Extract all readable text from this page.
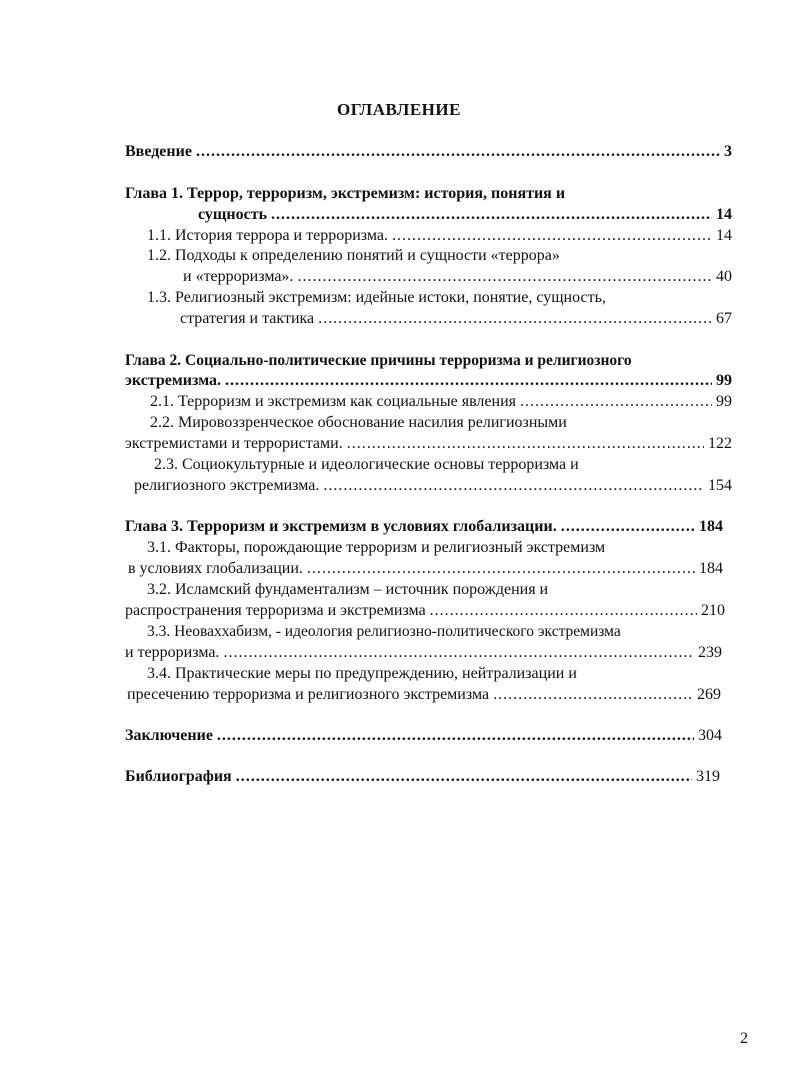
ОГЛАВЛЕНИЕ
Введение .....	3
Глава 1. Террор, терроризм, экстремизм: история, понятия и
сущность .....	14
1.1. История террора и терроризма. .....	14
1.2. Подходы к определению понятий и сущности «террора»
и «терроризма». .....	40
1.3. Религиозный экстремизм: идейные истоки, понятие, сущность,
стратегия и тактика .....	67
Глава 2. Социально-политические причины терроризма и религиозного
экстремизма. .....	99
2.1. Терроризм и экстремизм как социальные явления .....	99
2.2. Мировоззренческое обоснование насилия религиозными
экстремистами и террористами. .....	122
2.3. Социокультурные и идеологические основы терроризма и
религиозного экстремизма. .....	154
Глава 3. Терроризм и экстремизм в условиях глобализации. .....	184
3.1. Факторы, порождающие терроризм и религиозный экстремизм
в условиях глобализации. .....	184
3.2. Исламский фундаментализм – источник порождения и
распространения терроризма и экстремизма .....	210
3.3. Неоваххабизм, - идеология религиозно-политического экстремизма
и терроризма. .....	239
3.4. Практические меры по предупреждению, нейтрализации и
пресечению терроризма и религиозного экстремизма .....	269
Заключение .....	304
Библиография .....	319
2
